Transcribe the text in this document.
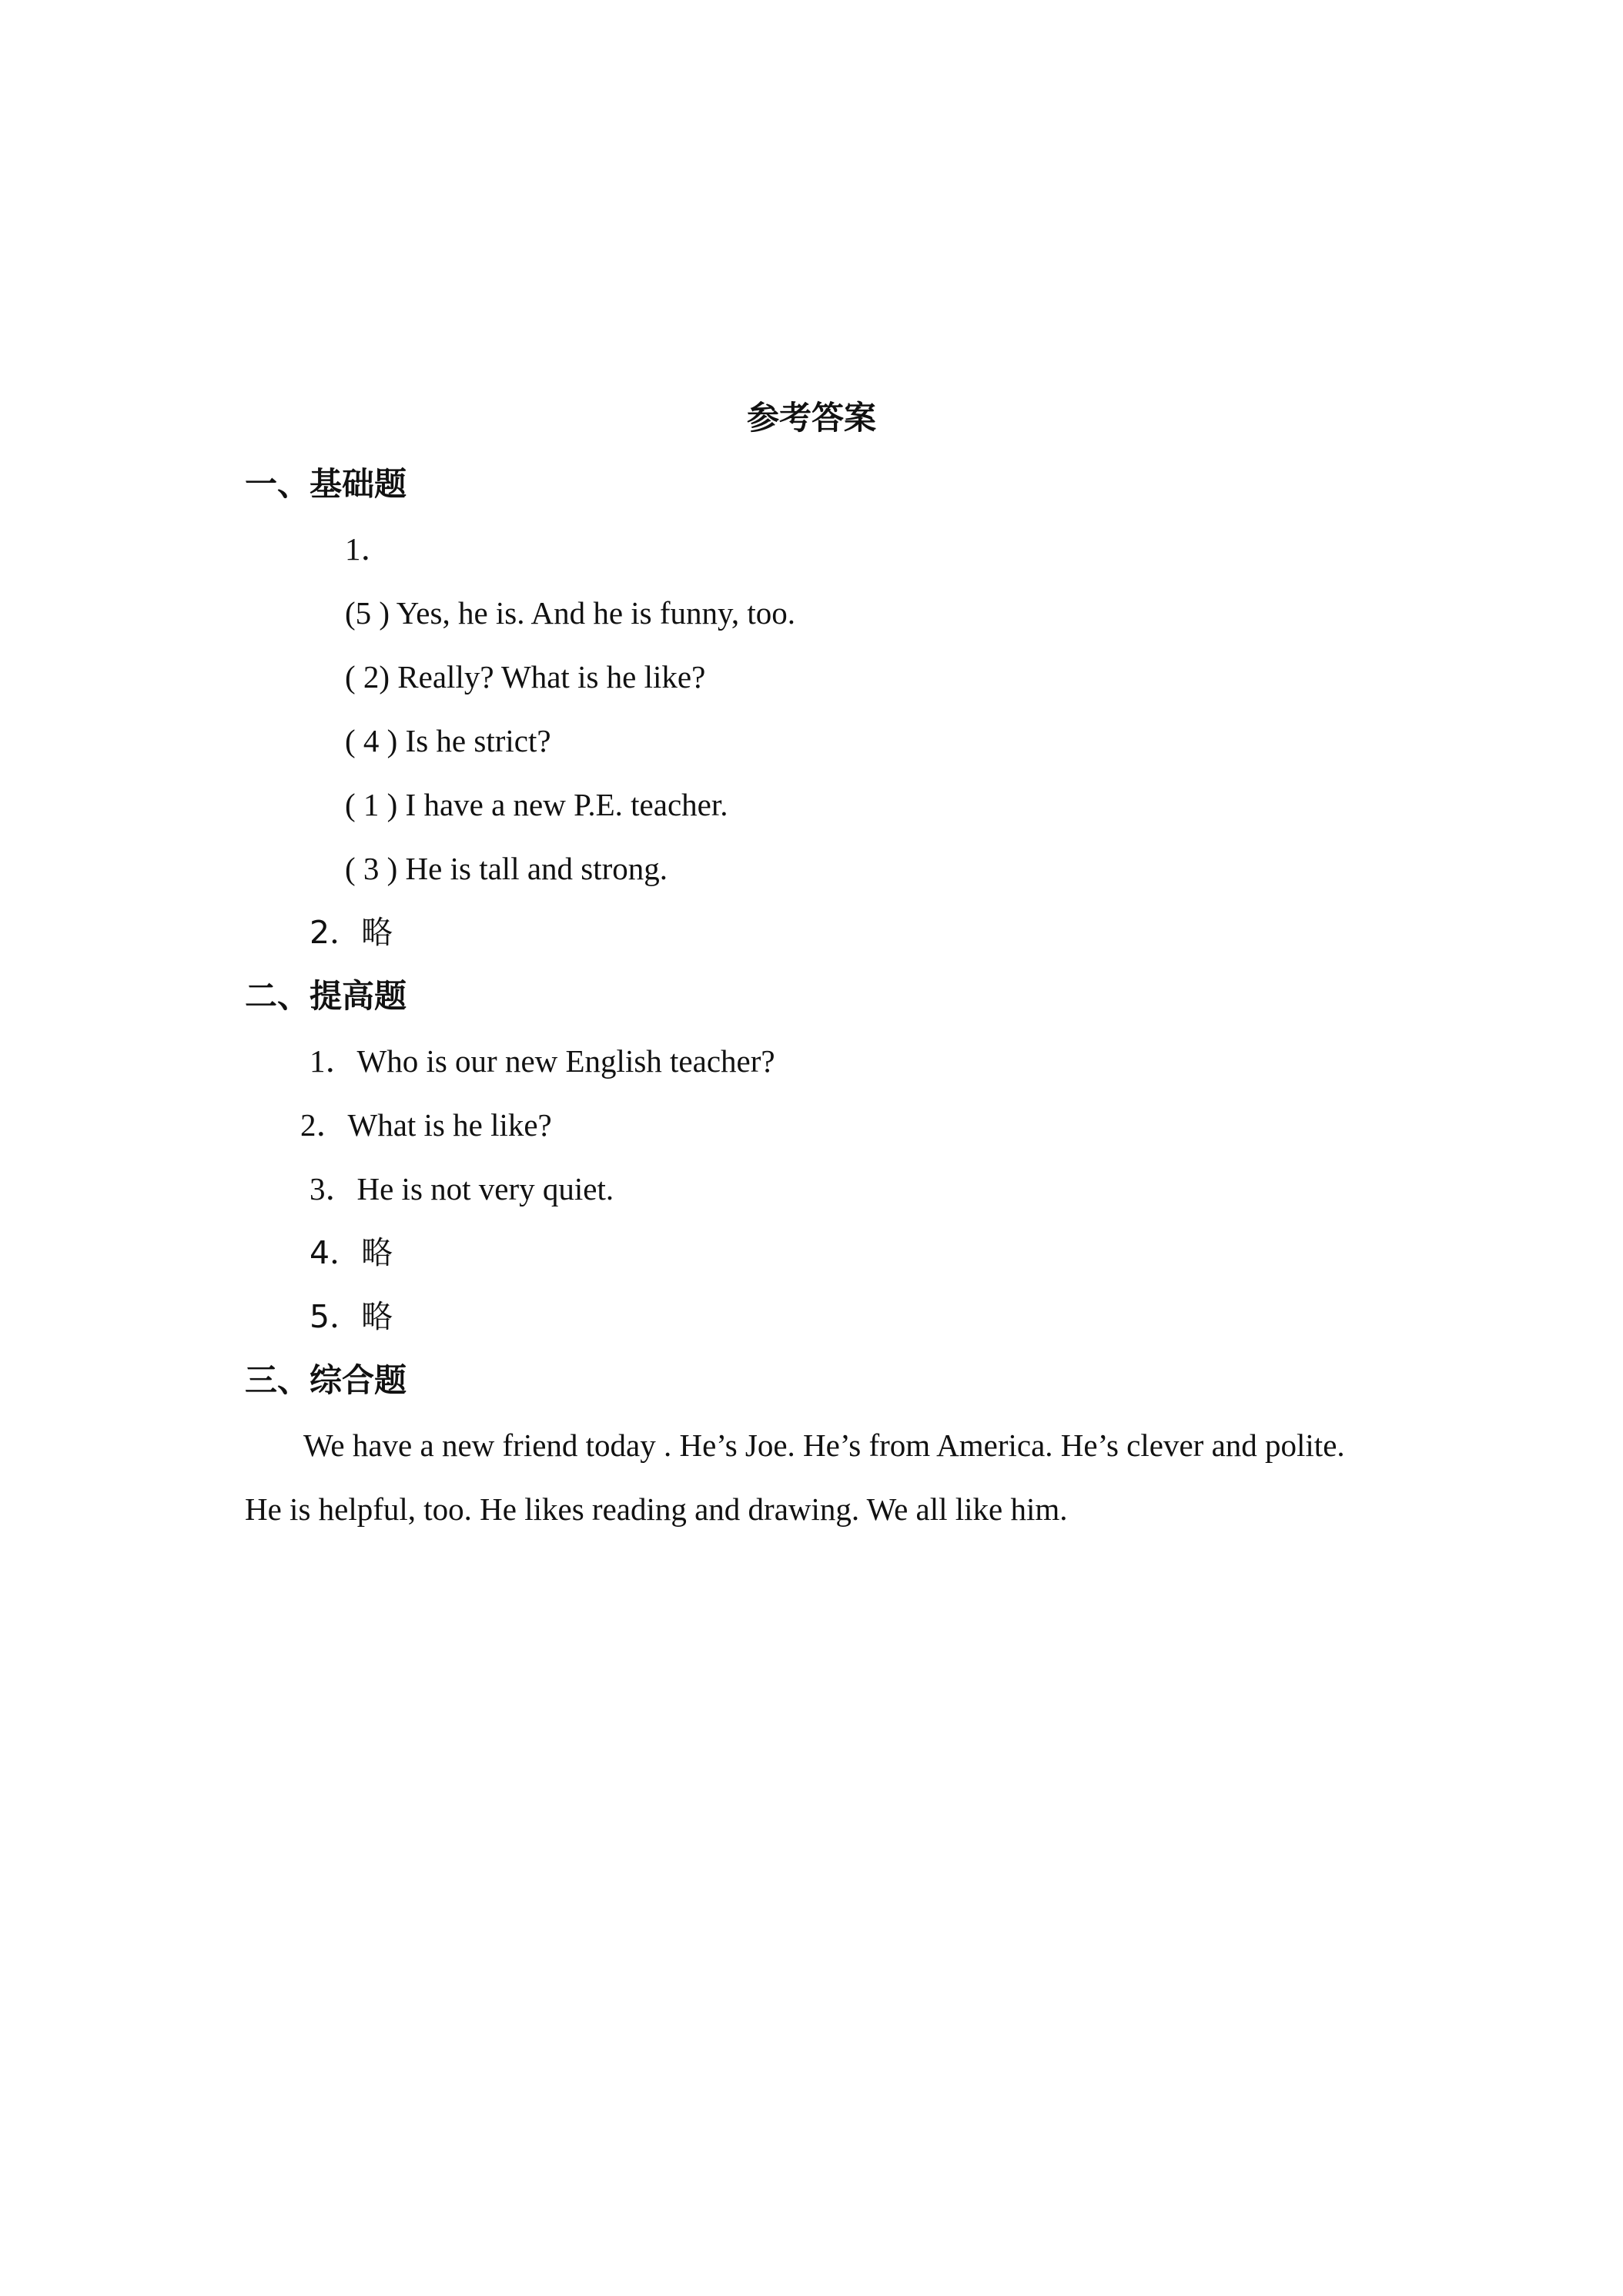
参考答案
一、基础题
1．
(5 ) Yes, he is. And he is funny, too.
( 2) Really? What is he like?
( 4 ) Is he strict?
( 1 ) I have a new P.E. teacher.
( 3 ) He is tall and strong.
2．略
二、提高题
1．Who is our new English teacher?
2．What is he like?
3．He is not very quiet.
4．略
5．略
三、综合题
We have a new friend today . He’s Joe. He’s from America. He’s clever and polite.
He is helpful, too. He likes reading and drawing. We all like him.
